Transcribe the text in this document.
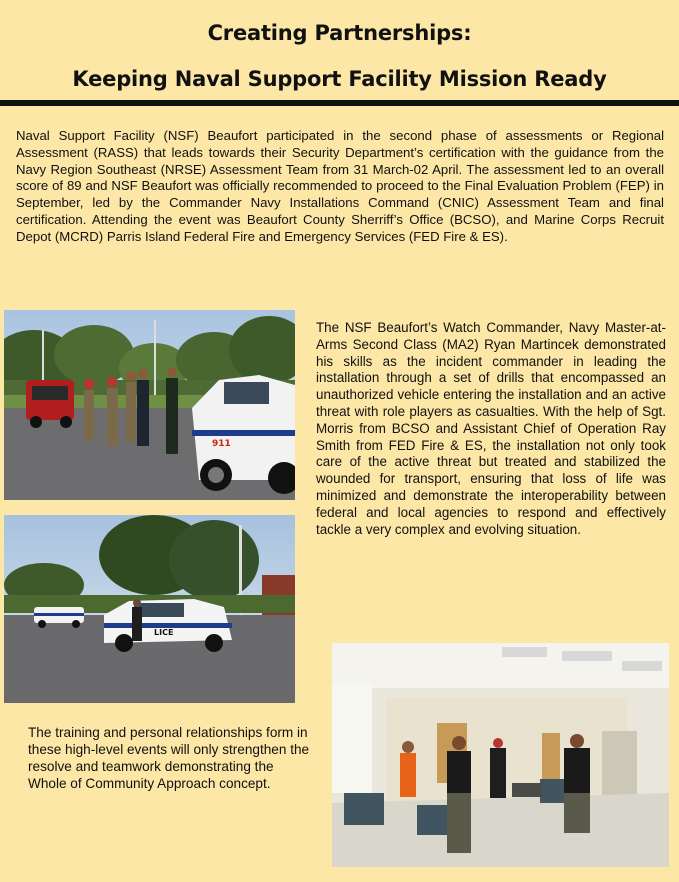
Creating Partnerships:
Keeping Naval Support Facility Mission Ready

Naval Support Facility (NSF) Beaufort participated in the second phase of assessments or Regional Assessment (RASS) that leads towards their Security Department’s certification with the guidance from the Navy Region Southeast (NRSE) Assessment Team from 31 March-02 April. The assessment led to an overall score of 89 and NSF Beaufort was officially recommended to proceed to the Final Evaluation Problem (FEP) in September, led by the Commander Navy Installations Command (CNIC) Assessment Team and final certification. Attending the event was Beaufort County Sherriff’s Office (BCSO), and Marine Corps Recruit Depot (MCRD) Parris Island Federal Fire and Emergency Services (FED Fire & ES).

911
LICE

The NSF Beaufort’s Watch Commander, Navy Master-at-Arms Second Class (MA2) Ryan Martincek demonstrated his skills as the incident commander in leading the installation through a set of drills that encompassed an unauthorized vehicle entering the installation and an active threat with role players as casualties. With the help of Sgt. Morris from BCSO and Assistant Chief of Operation Ray Smith from FED Fire & ES, the installation not only took care of the active threat but treated and stabilized the wounded for transport, ensuring that loss of life was minimized and demonstrate the interoperability between federal and local agencies to respond and effectively tackle a very complex and evolving situation.

The training and personal relationships form in these high-level events will only strengthen the resolve and teamwork demonstrating the Whole of Community Approach concept.
